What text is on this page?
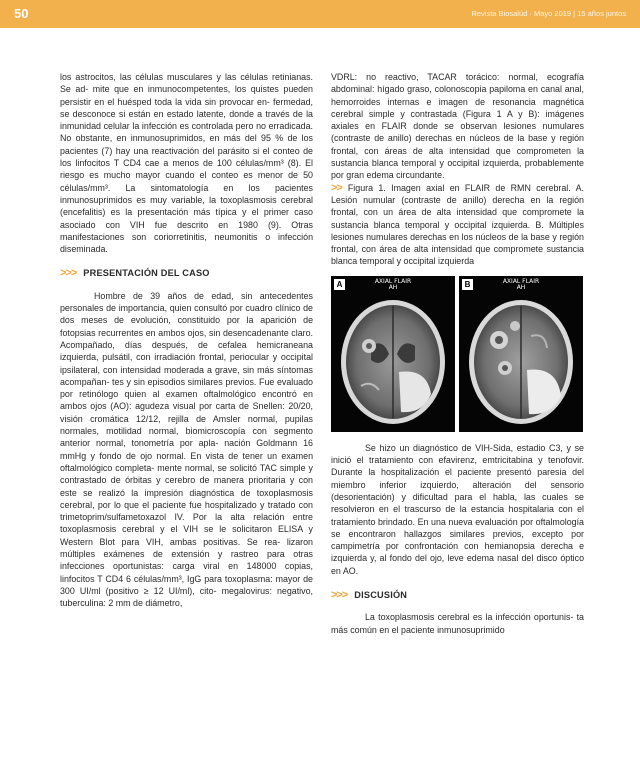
50	Revista Biosalúd · Mayo 2019 | 15 años juntos

los astrocitos, las células musculares y las células retinianas. Se ad- mite que en inmunocompetentes, los quistes pueden persistir en el huésped toda la vida sin provocar en- fermedad, se desconoce si están en estado latente, donde a través de la inmunidad celular la infección es controlada pero no erradicada. No obstante, en inmunosuprimidos, en más del 95 % de los pacientes (7) hay una reactivación del parásito si el conteo de los linfocitos T CD4 cae a menos de 100 células/mm³ (8). El riesgo es mucho mayor cuando el conteo es menor de 50 células/mm³. La sintomatología en los pacientes inmunosuprimidos es muy variable, la toxoplasmosis cerebral (encefalitis) es la presentación más típica y el primer caso asociado con VIH fue descrito en 1980 (9). Otras manifestaciones son coriorretinitis, neumonitis o infección diseminada.

>>> PRESENTACIÓN DEL CASO

Hombre de 39 años de edad, sin antecedentes personales de importancia, quien consultó por cuadro clínico de dos meses de evolución, constituido por la aparición de fotopsias recurrentes en ambos ojos, sin desencadenante claro. Acompañado, días después, de cefalea hemicraneana izquierda, pulsátil, con irradiación frontal, periocular y occipital ipsilateral, con intensidad moderada a grave, sin más síntomas acompañan- tes y sin episodios similares previos. Fue evaluado por retinólogo quien al examen oftalmológico encontró en ambos ojos (AO): agudeza visual por carta de Snellen: 20/20, visión cromática 12/12, rejilla de Amsler normal, pupilas normales, motilidad normal, biomicroscopía con segmento anterior normal, tonometría por apla- nación Goldmann 16 mmHg y fondo de ojo normal. En vista de tener un examen oftalmológico completa- mente normal, se solicitó TAC simple y contrastado de órbitas y cerebro de manera prioritaria y con este se realizó la impresión diagnóstica de toxoplasmosis cerebral, por lo que el paciente fue hospitalizado y tratado con trimetoprim/sulfametoxazol IV. Por la alta relación entre toxoplasmosis cerebral y el VIH se le solicitaron ELISA y Western Blot para VIH, ambas positivas. Se rea- lizaron múltiples exámenes de extensión y rastreo para otras infecciones oportunistas: carga viral en 148000 copias, linfocitos T CD4 6 células/mm³, IgG para toxoplasma: mayor de 300 UI/ml (positivo ≥ 12 UI/ml), cito- megalovirus: negativo, tuberculina: 2 mm de diámetro,

VDRL: no reactivo, TACAR torácico: normal, ecografía abdominal: hígado graso, colonoscopia papiloma en canal anal, hemorroides internas e imagen de resonancia magnética cerebral simple y contrastada (Figura 1 A y B): imágenes axiales en FLAIR donde se observan lesiones numulares (contraste de anillo) derechas en núcleos de la base y región frontal, con áreas de alta intensidad que comprometen la sustancia blanca temporal y occipital izquierda, probablemente por gran edema circundante.

>> Figura 1. Imagen axial en FLAIR de RMN cerebral. A. Lesión numular (contraste de anillo) derecha en la región frontal, con un área de alta intensidad que compromete la sustancia blanca temporal y occipital izquierda. B. Múltiples lesiones numulares derechas en los núcleos de la base y región frontal, con área de alta intensidad que compromete sustancia blanca temporal y occipital izquierda

A	AXIAL FLAIR
AH	B	AXIAL FLAIR
AH

Se hizo un diagnóstico de VIH-Sida, estadio C3, y se inició el tratamiento con efavirenz, emtricitabina y tenofovir. Durante la hospitalización el paciente presentó paresia del miembro inferior izquierdo, alteración del sensorio (desorientación) y dificultad para el habla, las cuales se resolvieron en el trascurso de la estancia hospitalaria con el tratamiento brindado. En una nueva evaluación por oftalmología se encontraron hallazgos similares previos, excepto por campimetría por confrontación con hemianopsia derecha e izquierda y, al fondo del ojo, leve edema nasal del disco óptico en AO.

>>> DISCUSIÓN

La toxoplasmosis cerebral es la infección oportunis- ta más común en el paciente inmunosuprimido
